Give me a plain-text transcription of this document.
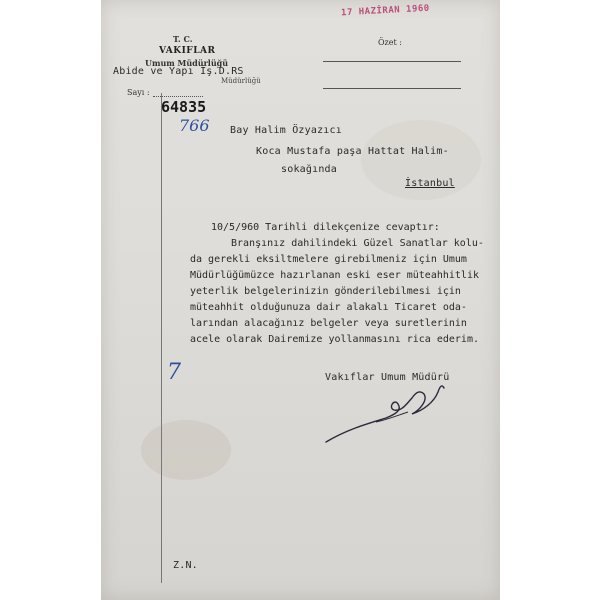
T. C.
VAKIFLAR
Umum Müdürlüğü
Abide ve Yapı İş.D.RS
Müdürlüğü
Sayı :
64835
766
Özet :
17 HAZİRAN 1960
Bay Halim Özyazıcı
Koca Mustafa paşa Hattat Halim-
sokağında
İstanbul
10/5/960 Tarihli dilekçenize cevaptır:
Branşınız dahilindeki Güzel Sanatlar kolu-
da gerekli eksiltmelere girebilmeniz için Umum
Müdürlüğümüzce hazırlanan eski eser müteahhitlik
yeterlik belgelerinizin gönderilebilmesi için
müteahhit olduğunuza dair alakalı Ticaret oda-
larından alacağınız belgeler veya suretlerinin
acele olarak Dairemize yollanmasını rica ederim.
7	Vakıflar Umum Müdürü
Z.N.
